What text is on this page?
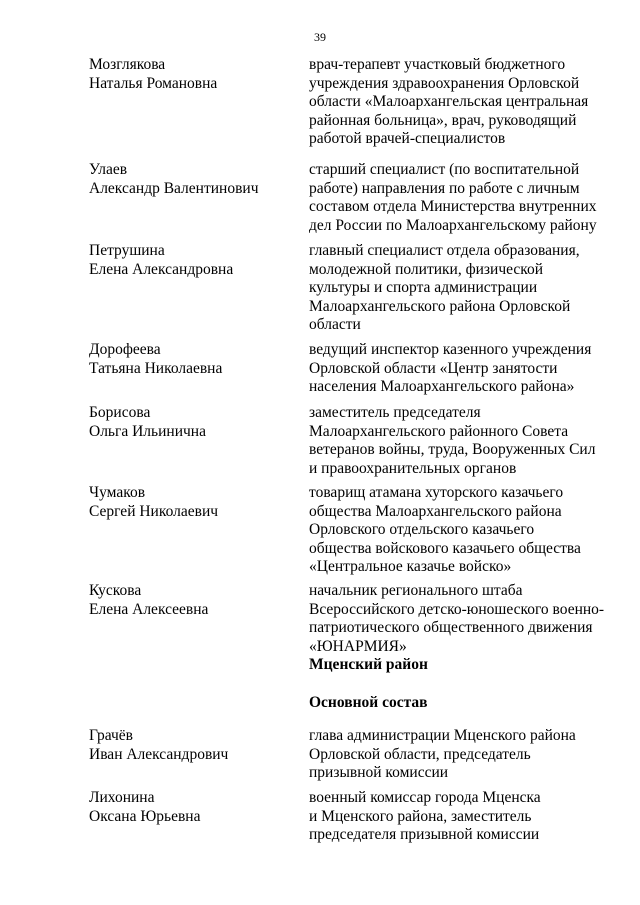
39
Мозглякова
Наталья Романовна
врач-терапевт участковый бюджетного
учреждения здравоохранения Орловской
области «Малоархангельская центральная
районная больница», врач, руководящий
работой врачей-специалистов
Улаев
Александр Валентинович
старший специалист (по воспитательной
работе) направления по работе с личным
составом отдела Министерства внутренних
дел России по Малоархангельскому району
Петрушина
Елена Александровна
главный специалист отдела образования,
молодежной политики, физической
культуры и спорта администрации
Малоархангельского района Орловской
области
Дорофеева
Татьяна Николаевна
ведущий инспектор казенного учреждения
Орловской области «Центр занятости
населения Малоархангельского района»
Борисова
Ольга Ильинична
заместитель председателя
Малоархангельского районного Совета
ветеранов войны, труда, Вооруженных Сил
и правоохранительных органов
Чумаков
Сергей Николаевич
товарищ атамана хуторского казачьего
общества Малоархангельского района
Орловского отдельского казачьего
общества войскового казачьего общества
«Центральное казачье войско»
Кускова
Елена Алексеевна
начальник регионального штаба
Всероссийского детско-юношеского военно-
патриотического общественного движения
«ЮНАРМИЯ»
Мценский район
Основной состав
Грачёв
Иван Александрович
глава администрации Мценского района
Орловской области, председатель
призывной комиссии
Лихонина
Оксана Юрьевна
военный комиссар города Мценска
и Мценского района, заместитель
председателя призывной комиссии
